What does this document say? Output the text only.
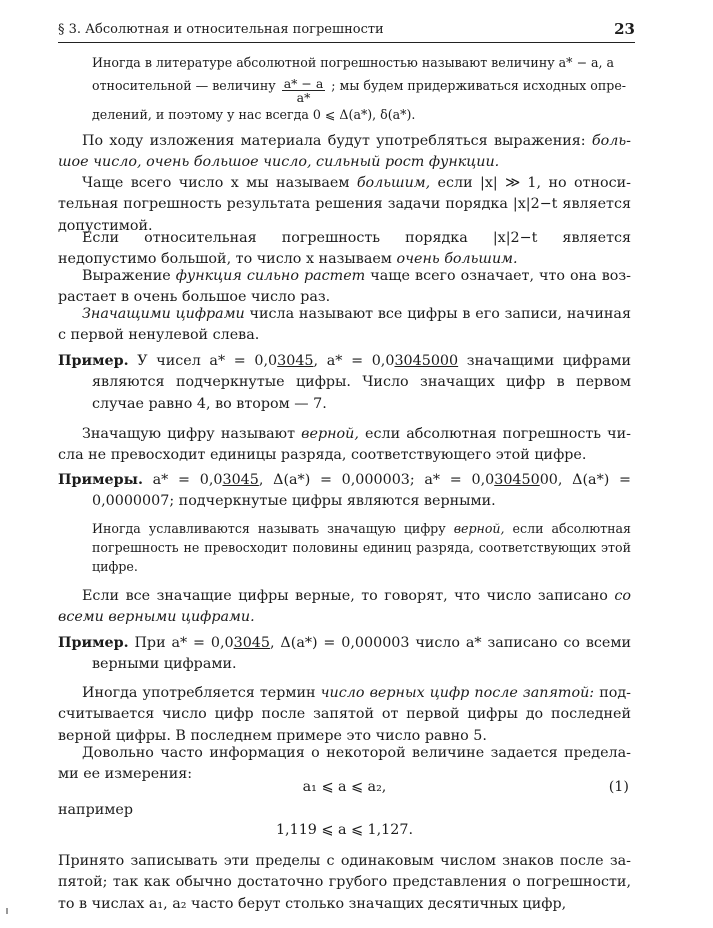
§ 3. Абсолютная и относительная погрешности	23
Иногда в литературе абсолютной погрешностью называют величину a* − a, а
относительной — величину $\frac{a* - a}{a*}$ ; мы будем придерживаться исходных опре-
делений, и поэтому у нас всегда 0 ⩽ Δ(a*), δ(a*).
По ходу изложения материала будут употребляться выражения: большое число, очень большое число, сильный рост функции.
Чаще всего число x мы называем большим, если |x| ≫ 1, но относительная погрешность результата решения задачи порядка |x|2−t является допустимой.
Если относительная погрешность порядка |x|2−t является недопустимо большой, то число x называем очень большим.
Выражение функция сильно растет чаще всего означает, что она возрастает в очень большое число раз.
Значащими цифрами числа называют все цифры в его записи, начиная с первой ненулевой слева.
Пример. У чисел a* = 0,03045, a* = 0,03045000 значащими цифрами являются подчеркнутые цифры. Число значащих цифр в первом случае равно 4, во втором — 7.
Значащую цифру называют верной, если абсолютная погрешность числа не превосходит единицы разряда, соответствующего этой цифре.
Примеры. a* = 0,03045, Δ(a*) = 0,000003; a* = 0,03045000, Δ(a*) = 0,0000007; подчеркнутые цифры являются верными.
Иногда уславливаются называть значащую цифру верной, если абсолютная погрешность не превосходит половины единиц разряда, соответствующих этой цифре.
Если все значащие цифры верные, то говорят, что число записано со всеми верными цифрами.
Пример. При a* = 0,03045, Δ(a*) = 0,000003 число a* записано со всеми верными цифрами.
Иногда употребляется термин число верных цифр после запятой: подсчитывается число цифр после запятой от первой цифры до последней верной цифры. В последнем примере это число равно 5.
Довольно часто информация о некоторой величине задается пределами ее измерения:
a₁ ⩽ a ⩽ a₂,	(1)
например
1,119 ⩽ a ⩽ 1,127.
Принято записывать эти пределы с одинаковым числом знаков после запятой; так как обычно достаточно грубого представления о погрешности, то в числах a₁, a₂ часто берут столько значащих десятичных цифр,
